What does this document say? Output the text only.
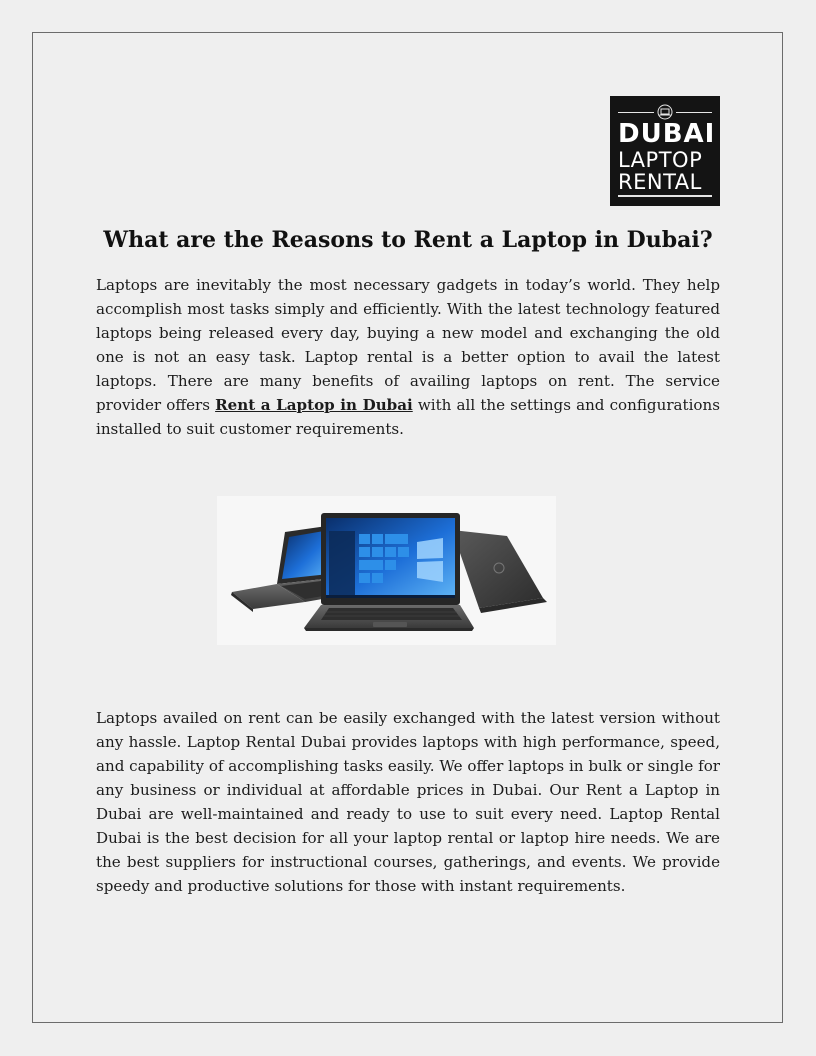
DUBAI
LAPTOP
RENTAL
What are the Reasons to Rent a Laptop in Dubai?

Laptops are inevitably the most necessary gadgets in today’s world. They help accomplish most tasks simply and efficiently. With the latest technology featured laptops being released every day, buying a new model and exchanging the old one is not an easy task. Laptop rental is a better option to avail the latest laptops. There are many benefits of availing laptops on rent. The service provider offers Rent a Laptop in Dubai with all the settings and configurations installed to suit customer requirements.

Laptops availed on rent can be easily exchanged with the latest version without any hassle. Laptop Rental Dubai provides laptops with high performance, speed, and capability of accomplishing tasks easily. We offer laptops in bulk or single for any business or individual at affordable prices in Dubai. Our Rent a Laptop in Dubai are well-maintained and ready to use to suit every need. Laptop Rental Dubai is the best decision for all your laptop rental or laptop hire needs. We are the best suppliers for instructional courses, gatherings, and events. We provide speedy and productive solutions for those with instant requirements.
